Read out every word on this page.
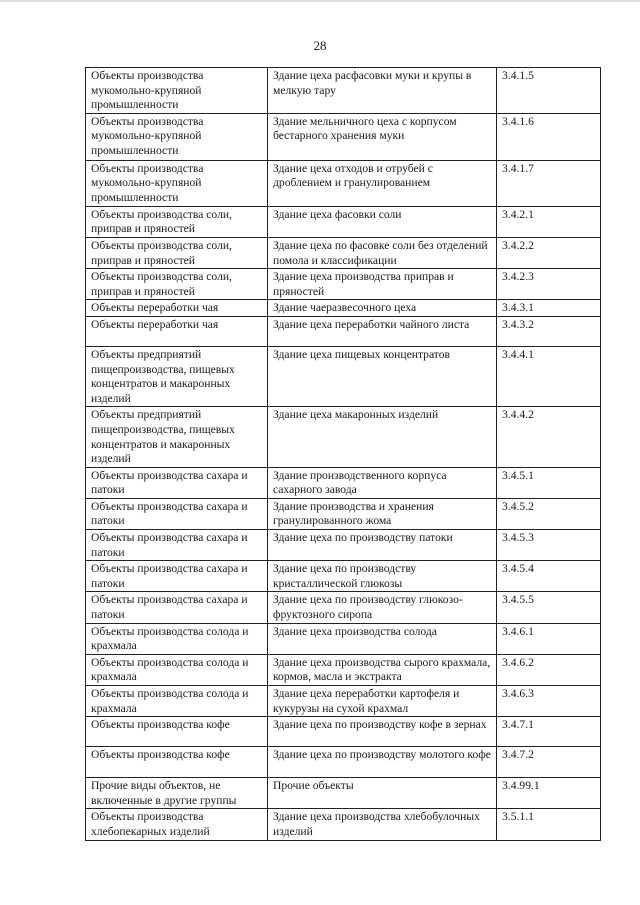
28
Объекты производства мукомольно-крупяной промышленности	Здание цеха расфасовки муки и крупы в мелкую тару	3.4.1.5
Объекты производства мукомольно-крупяной промышленности	Здание мельничного цеха с корпусом бестарного хранения муки	3.4.1.6
Объекты производства мукомольно-крупяной промышленности	Здание цеха отходов и отрубей с дроблением и гранулированием	3.4.1.7
Объекты производства соли, приправ и пряностей	Здание цеха фасовки соли	3.4.2.1
Объекты производства соли, приправ и пряностей	Здание цеха по фасовке соли без отделений помола и классификации	3.4.2.2
Объекты производства соли, приправ и пряностей	Здание цеха производства приправ и пряностей	3.4.2.3
Объекты переработки чая	Здание чаеразвесочного цеха	3.4.3.1
Объекты переработки чая	Здание цеха переработки чайного листа	3.4.3.2
Объекты предприятий пищепроизводства, пищевых концентратов и макаронных изделий	Здание цеха пищевых концентратов	3.4.4.1
Объекты предприятий пищепроизводства, пищевых концентратов и макаронных изделий	Здание цеха макаронных изделий	3.4.4.2
Объекты производства сахара и патоки	Здание производственного корпуса сахарного завода	3.4.5.1
Объекты производства сахара и патоки	Здание производства и хранения гранулированного жома	3.4.5.2
Объекты производства сахара и патоки	Здание цеха по производству патоки	3.4.5.3
Объекты производства сахара и патоки	Здание цеха по производству кристаллической глюкозы	3.4.5.4
Объекты производства сахара и патоки	Здание цеха по производству глюкозо-фруктозного сиропа	3.4.5.5
Объекты производства солода и крахмала	Здание цеха производства солода	3.4.6.1
Объекты производства солода и крахмала	Здание цеха производства сырого крахмала, кормов, масла и экстракта	3.4.6.2
Объекты производства солода и крахмала	Здание цеха переработки картофеля и кукурузы на сухой крахмал	3.4.6.3
Объекты производства кофе	Здание цеха по производству кофе в зернах	3.4.7.1
Объекты производства кофе	Здание цеха по производству молотого кофе	3.4.7.2
Прочие виды объектов, не включенные в другие группы	Прочие объекты	3.4.99.1
Объекты производства хлебопекарных изделий	Здание цеха производства хлебобулочных изделий	3.5.1.1
